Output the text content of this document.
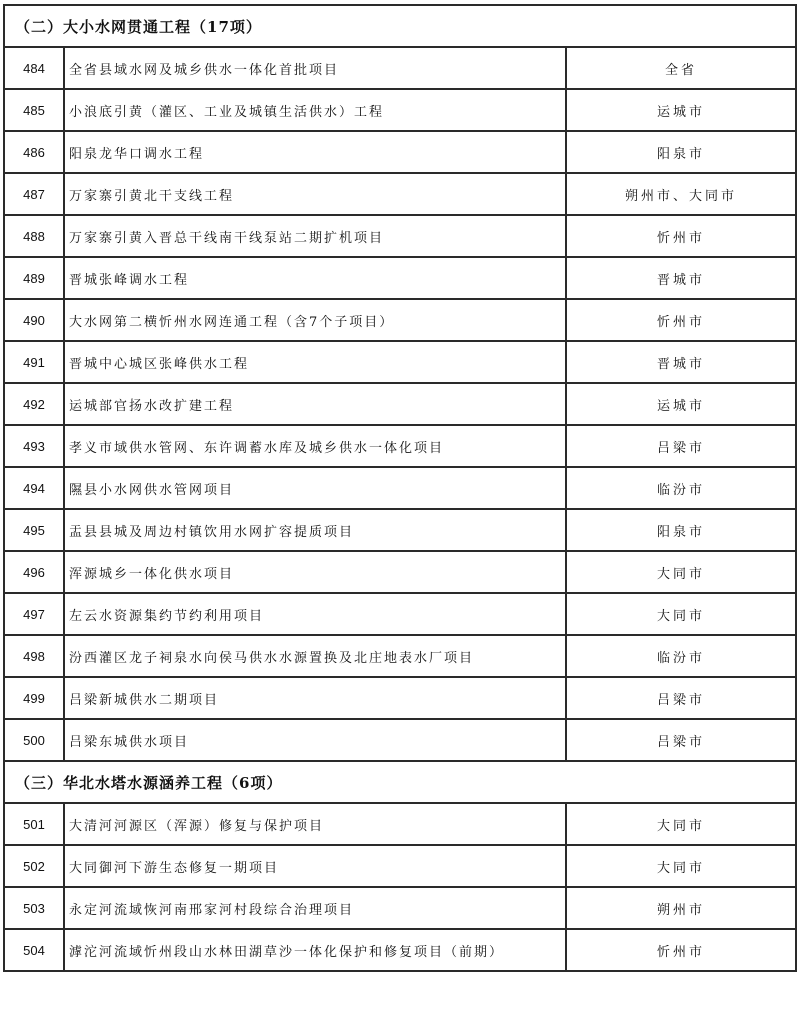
（二）大小水网贯通工程（17项）		
484	全省县域水网及城乡供水一体化首批项目	全省
485	小浪底引黄（灌区、工业及城镇生活供水）工程	运城市
486	阳泉龙华口调水工程	阳泉市
487	万家寨引黄北干支线工程	朔州市、大同市
488	万家寨引黄入晋总干线南干线泵站二期扩机项目	忻州市
489	晋城张峰调水工程	晋城市
490	大水网第二横忻州水网连通工程（含7个子项目）	忻州市
491	晋城中心城区张峰供水工程	晋城市
492	运城部官扬水改扩建工程	运城市
493	孝义市域供水管网、东许调蓄水库及城乡供水一体化项目	吕梁市
494	隰县小水网供水管网项目	临汾市
495	盂县县城及周边村镇饮用水网扩容提质项目	阳泉市
496	浑源城乡一体化供水项目	大同市
497	左云水资源集约节约利用项目	大同市
498	汾西灌区龙子祠泉水向侯马供水水源置换及北庄地表水厂项目	临汾市
499	吕梁新城供水二期项目	吕梁市
500	吕梁东城供水项目	吕梁市
（三）华北水塔水源涵养工程（6项）		
501	大清河河源区（浑源）修复与保护项目	大同市
502	大同御河下游生态修复一期项目	大同市
503	永定河流域恢河南邢家河村段综合治理项目	朔州市
504	滹沱河流域忻州段山水林田湖草沙一体化保护和修复项目（前期）	忻州市
